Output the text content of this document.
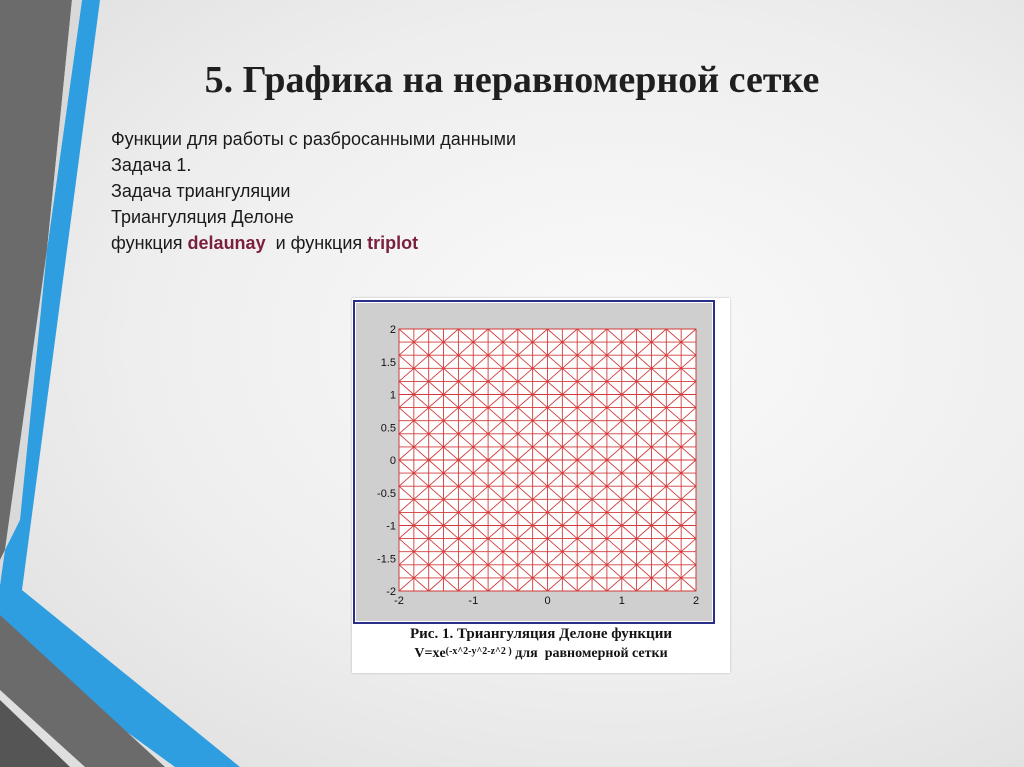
5. Графика на неравномерной сетке
Функции для работы с разбросанными данными
Задача 1.
Задача триангуляции
Триангуляция Делоне
функция delaunay  и функция triplot
2
1.5
1
0.5
0
-0.5
-1
-1.5
-2
-2	-1	0	1	2
Рис. 1. Триангуляция Делоне функции
$V=xe^{(-x\^{}2-y\^{}2-z\^{}2 )}$ для  равномерной сетки
